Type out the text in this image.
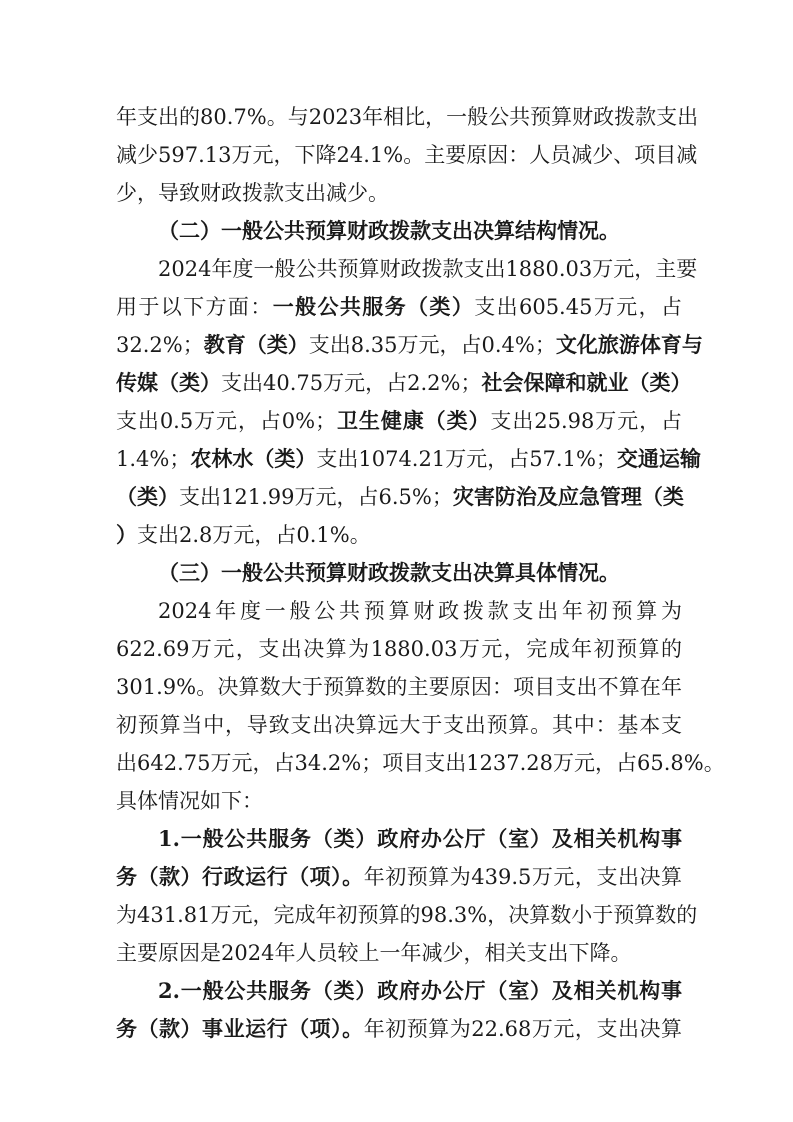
年支出的80.7%。与2023年相比，一般公共预算财政拨款支出
减少597.13万元，下降24.1%。主要原因：人员减少、项目减
少，导致财政拨款支出减少。
（二）一般公共预算财政拨款支出决算结构情况。
2024年度一般公共预算财政拨款支出1880.03万元，主要
用于以下方面：一般公共服务（类）支出605.45万元，占
32.2%；教育（类）支出8.35万元，占0.4%；文化旅游体育与
传媒（类）支出40.75万元，占2.2%；社会保障和就业（类）
支出0.5万元，占0%；卫生健康（类）支出25.98万元，占
1.4%；农林水（类）支出1074.21万元，占57.1%；交通运输
（类）支出121.99万元，占6.5%；灾害防治及应急管理（类
）支出2.8万元，占0.1%。
（三）一般公共预算财政拨款支出决算具体情况。
2024年度一般公共预算财政拨款支出年初预算为
622.69万元，支出决算为1880.03万元，完成年初预算的
301.9%。决算数大于预算数的主要原因：项目支出不算在年
初预算当中，导致支出决算远大于支出预算。其中：基本支
出642.75万元，占34.2%；项目支出1237.28万元，占65.8%。
具体情况如下：
1.一般公共服务（类）政府办公厅（室）及相关机构事
务（款）行政运行（项）。年初预算为439.5万元，支出决算
为431.81万元，完成年初预算的98.3%，决算数小于预算数的
主要原因是2024年人员较上一年减少，相关支出下降。
2.一般公共服务（类）政府办公厅（室）及相关机构事
务（款）事业运行（项）。年初预算为22.68万元，支出决算
